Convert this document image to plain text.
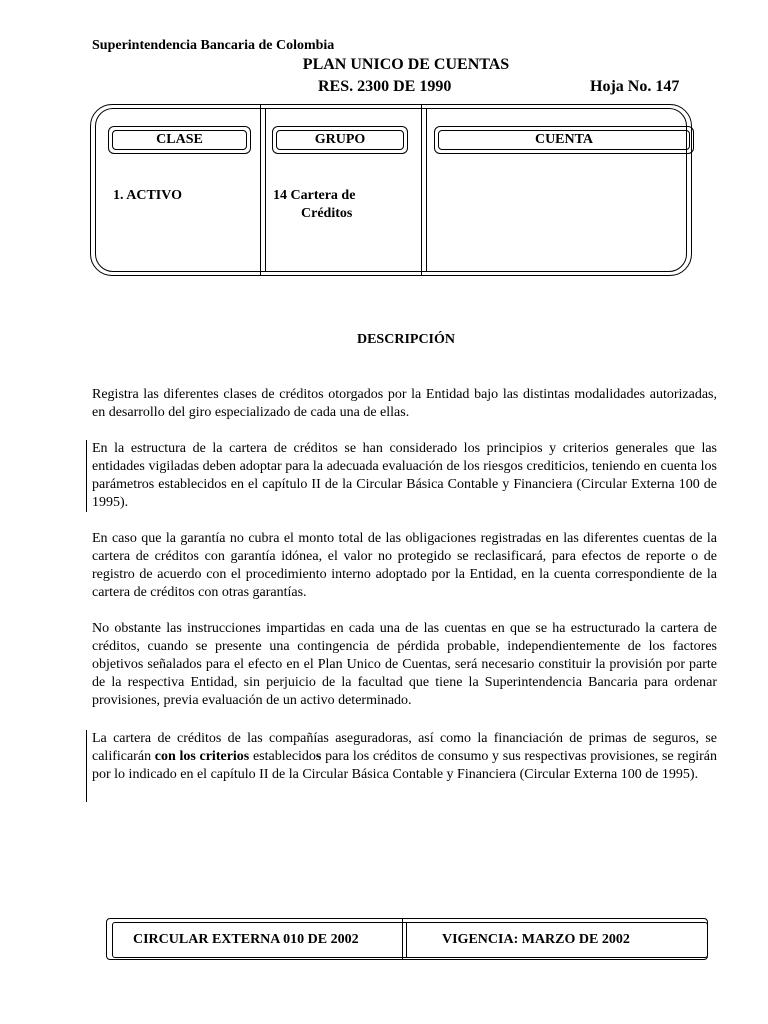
Superintendencia Bancaria de Colombia
PLAN UNICO DE CUENTAS
RES. 2300 DE 1990	Hoja No. 147
CLASE	GRUPO	CUENTA
1. ACTIVO	14 Cartera de
Créditos
DESCRIPCIÓN

Registra las diferentes clases de créditos otorgados por la Entidad bajo las distintas modalidades autorizadas, en desarrollo del giro especializado de cada una de ellas.

En la estructura de la cartera de créditos se han considerado los principios y criterios generales que las entidades vigiladas deben adoptar para la adecuada evaluación de los riesgos crediticios, teniendo en cuenta los parámetros establecidos en el capítulo II de la Circular Básica Contable y Financiera (Circular Externa 100 de 1995).

En caso que la garantía no cubra el monto total de las obligaciones registradas en las diferentes cuentas de la cartera de créditos con garantía idónea, el valor no protegido se reclasificará, para efectos de reporte o de registro de acuerdo con el procedimiento interno adoptado por la Entidad, en la cuenta correspondiente de la cartera de créditos con otras garantías.

No obstante las instrucciones impartidas en cada una de las cuentas en que se ha estructurado la cartera de créditos, cuando se presente una contingencia de pérdida probable, independientemente de los factores objetivos señalados para el efecto en el Plan Unico de Cuentas, será necesario constituir la provisión por parte de la respectiva Entidad, sin perjuicio de la facultad que tiene la Superintendencia Bancaria para ordenar provisiones, previa evaluación de un activo determinado.

La cartera de créditos de las compañías aseguradoras, así como la financiación de primas de seguros, se calificarán con los criterios establecidos para los créditos de consumo y sus respectivas provisiones, se regirán por lo indicado en el capítulo II de la Circular Básica Contable y Financiera (Circular Externa 100 de 1995).

CIRCULAR EXTERNA 010 DE 2002	VIGENCIA: MARZO DE 2002
